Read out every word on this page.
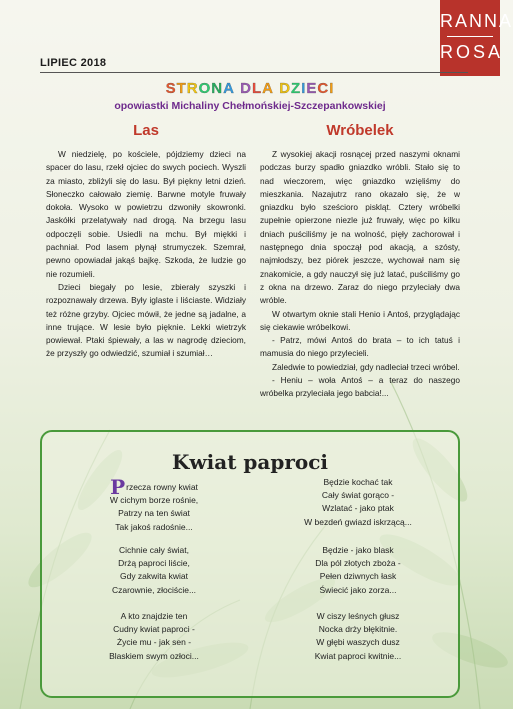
RANNA
ROSA
LIPIEC 2018
STRONA DLA DZIECI
opowiastki Michaliny Chełmońskiej-Szczepankowskiej
Las

W niedzielę, po kościele, pójdziemy dzieci na spacer do lasu, rzekł ojciec do swych pociech. Wyszli za miasto, zbliżyli się do lasu. Był piękny letni dzień. Słoneczko całowało ziemię. Barwne motyle fruwały dokoła. Wysoko w powietrzu dzwoniły skowronki. Jaskółki przelatywały nad drogą. Na brzegu lasu odpoczęli sobie. Usiedli na mchu. Był miękki i pachniał. Pod lasem płynął strumyczek. Szemrał, pewno opowiadał jakąś bajkę. Szkoda, że ludzie go nie rozumieli.

Dzieci biegały po lesie, zbierały szyszki i rozpoznawały drzewa. Były iglaste i liściaste. Widziały też różne grzyby. Ojciec mówił, że jedne są jadalne, a inne trujące. W lesie było pięknie. Lekki wietrzyk powiewał. Ptaki śpiewały, a las w nagrodę dzieciom, że przyszły go odwiedzić, szumiał i szumiał…

Wróbelek

Z wysokiej akacji rosnącej przed naszymi oknami podczas burzy spadło gniazdko wróbli. Stało się to nad wieczorem, więc gniazdko wzięliśmy do mieszkania. Nazajutrz rano okazało się, że w gniazdku było sześcioro piskląt. Cztery wróbelki zupełnie opierzone niezle już fruwały, więc po kilku dniach puściliśmy je na wolność, pięły zachorował i następnego dnia spoczął pod akacją, a szósty, najmłodszy, bez piórek jeszcze, wychował nam się znakomicie, a gdy nauczył się już latać, puściliśmy go z okna na drzewo. Zaraz do niego przyleciały dwa wróble.

W otwartym oknie stali Henio i Antoś, przyglądając się ciekawie wróbelkowi.

- Patrz, mówi Antoś do brata – to ich tatuś i mamusia do niego przylecieli.

Zaledwie to powiedział, gdy nadleciał trzeci wróbel.

- Heniu – woła Antoś – a teraz do naszego wróbelka przyleciała jego babcia!...

Kwiat paproci
Przecza rowny kwiat
W cichym borze rośnie,
Patrzy na ten świat
Tak jakoś radośnie...
Cichnie cały świat,
Drżą paproci liście,
Gdy zakwita kwiat
Czarownie, złociście...
A kto znajdzie ten
Cudny kwiat paproci -
Życie mu - jak sen -
Blaskiem swym ozłoci...
Będzie kochać tak
Cały świat gorąco -
Wzlatać - jako ptak
W bezdeń gwiazd iskrzącą...
Będzie - jako blask
Dla pól złotych zboża -
Pełen dziwnych łask
Świecić jako zorza...
W ciszy leśnych głusz
Nocka drży błękitnie.
W głębi waszych dusz
Kwiat paproci kwitnie...
